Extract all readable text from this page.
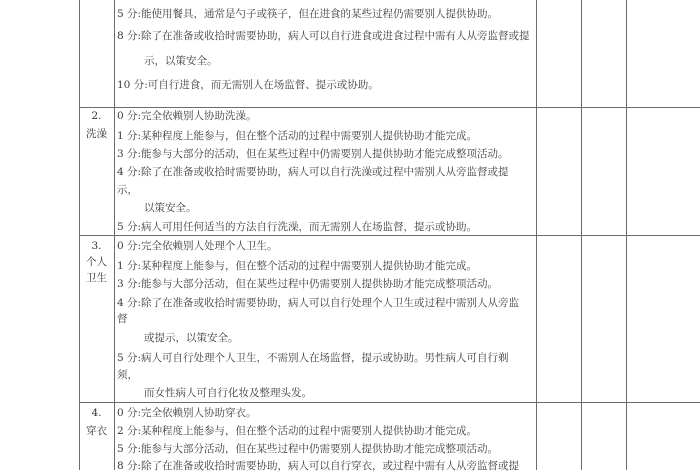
5 分:能使用餐具，通常是勺子或筷子，但在进食的某些过程仍需要别人提供协助。
8 分:除了在准备或收拾时需要协助，病人可以自行进食或进食过程中需有人从旁监督或提
示，以策安全。
10 分:可自行进食，而无需别人在场监督、提示或协助。
2.
洗澡
0 分:完全依赖别人协助洗澡。
1 分:某种程度上能参与，但在整个活动的过程中需要别人提供协助才能完成。
3 分:能参与大部分的活动，但在某些过程中仍需要别人提供协助才能完成整项活动。
4 分:除了在准备或收拾时需要协助，病人可以自行洗澡或过程中需别人从旁监督或提
示，
以策安全。
5 分:病人可用任何适当的方法自行洗澡，而无需别人在场监督，提示或协助。
3.
个人
卫生
0 分:完全依赖别人处理个人卫生。
1 分:某种程度上能参与，但在整个活动的过程中需要别人提供协助才能完成。
3 分:能参与大部分活动，但在某些过程中仍需要别人提供协助才能完成整项活动。
4 分:除了在准备或收拾时需要协助，病人可以自行处理个人卫生或过程中需别人从旁监
督
或提示，以策安全。
5 分:病人可自行处理个人卫生，不需别人在场监督，提示或协助。男性病人可自行剃
须，
而女性病人可自行化妆及整理头发。
4.
穿衣
0 分:完全依赖别人协助穿衣。
2 分:某种程度上能参与，但在整个活动的过程中需要别人提供协助才能完成。
5 分:能参与大部分活动，但在某些过程中仍需要别人提供协助才能完成整项活动。
8 分:除了在准备或收拾时需要协助，病人可以自行穿衣，或过程中需有人从旁监督或提
